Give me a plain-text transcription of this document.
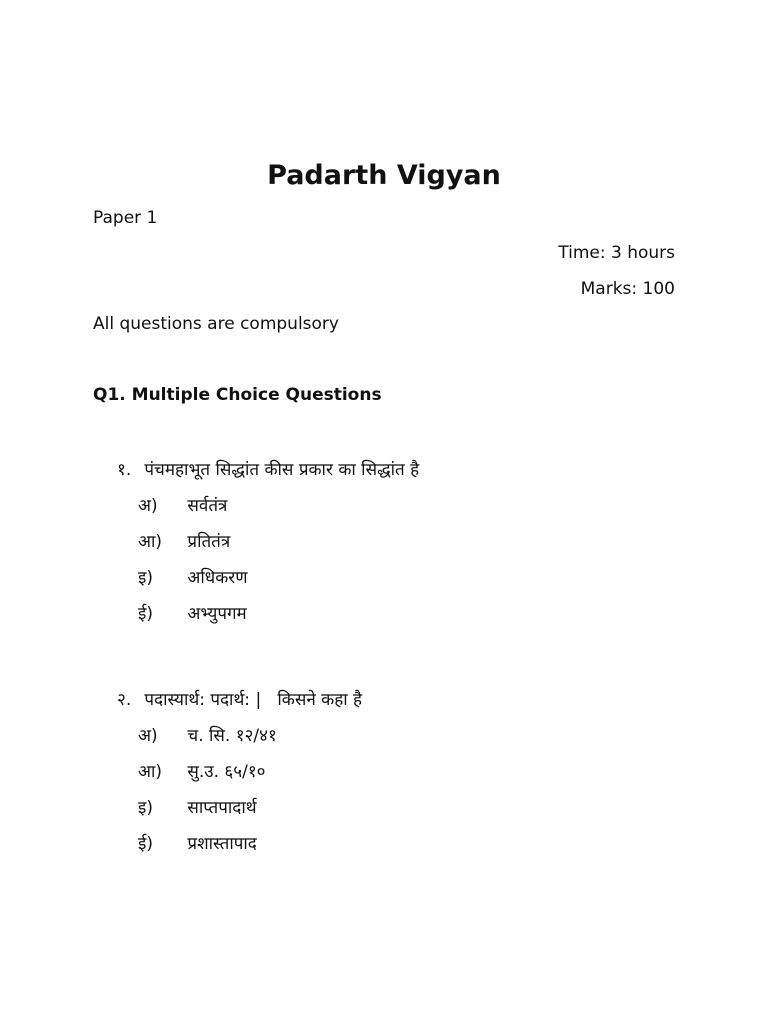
Padarth Vigyan
Paper 1
Time: 3 hours
Marks: 100
All questions are compulsory
Q1. Multiple Choice Questions
१. पंचमहाभूत सिद्धांत कीस प्रकार का सिद्धांत है
अ) सर्वतंत्र
आ) प्रतितंत्र
इ) अधिकरण
ई) अभ्युपगम
२. पदास्यार्थ: पदार्थ: |   किसने कहा है
अ) च. सि. १२/४१
आ) सु.उ. ६५/१०
इ) साप्तपादार्थ
ई) प्रशास्तापाद
